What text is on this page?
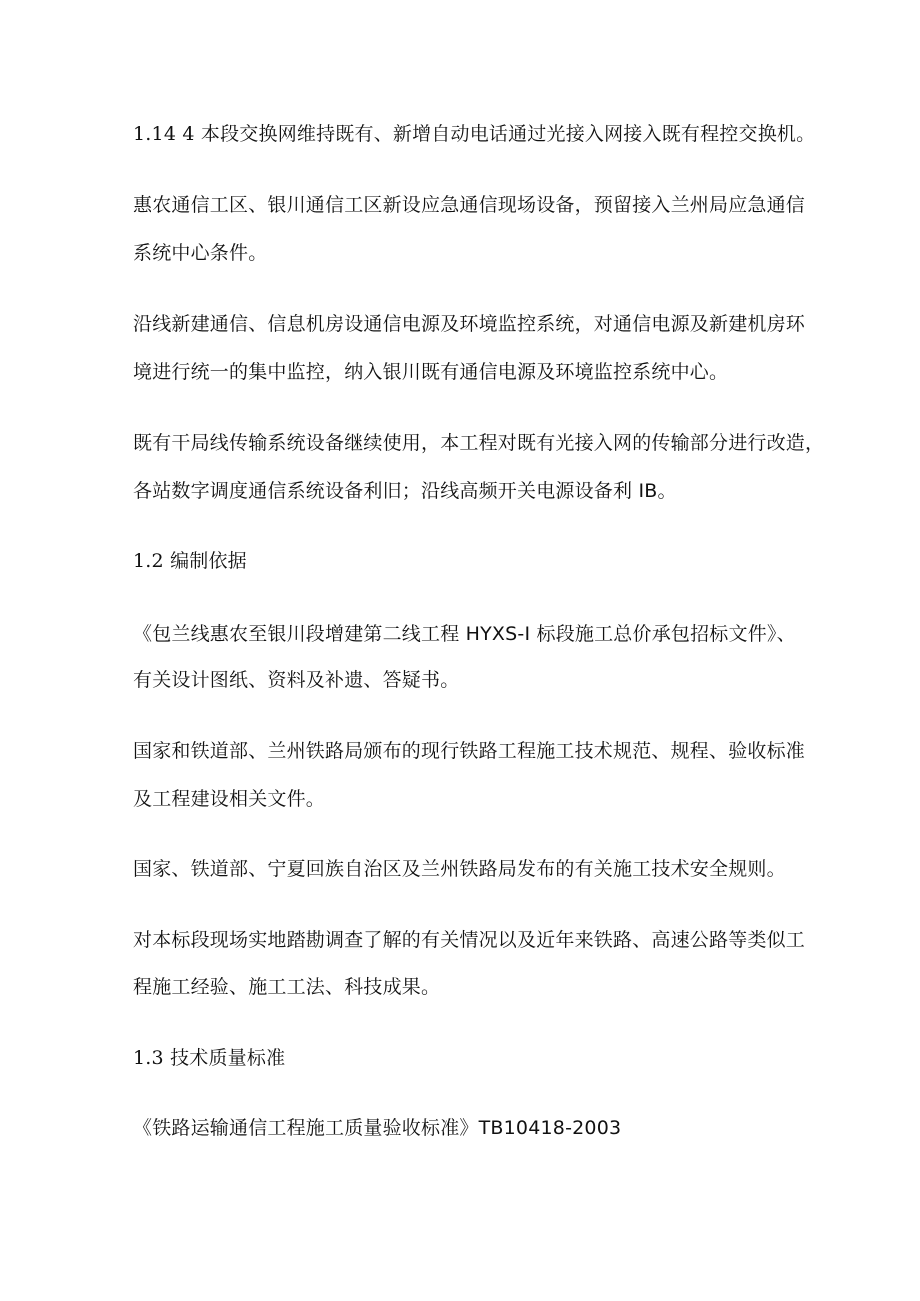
1.14 4 本段交换网维持既有、新增自动电话通过光接入网接入既有程控交换机。
惠农通信工区、银川通信工区新设应急通信现场设备，预留接入兰州局应急通信
系统中心条件。
沿线新建通信、信息机房设通信电源及环境监控系统，对通信电源及新建机房环
境进行统一的集中监控，纳入银川既有通信电源及环境监控系统中心。
既有干局线传输系统设备继续使用，本工程对既有光接入网的传输部分进行改造，
各站数字调度通信系统设备利旧；沿线高频开关电源设备利 IB。
1.2 编制依据
《包兰线惠农至银川段增建第二线工程 HYXS-I 标段施工总价承包招标文件》、
有关设计图纸、资料及补遗、答疑书。
国家和铁道部、兰州铁路局颁布的现行铁路工程施工技术规范、规程、验收标准
及工程建设相关文件。
国家、铁道部、宁夏回族自治区及兰州铁路局发布的有关施工技术安全规则。
对本标段现场实地踏勘调查了解的有关情况以及近年来铁路、高速公路等类似工
程施工经验、施工工法、科技成果。
1.3 技术质量标准
《铁路运输通信工程施工质量验收标准》TB10418-2003
